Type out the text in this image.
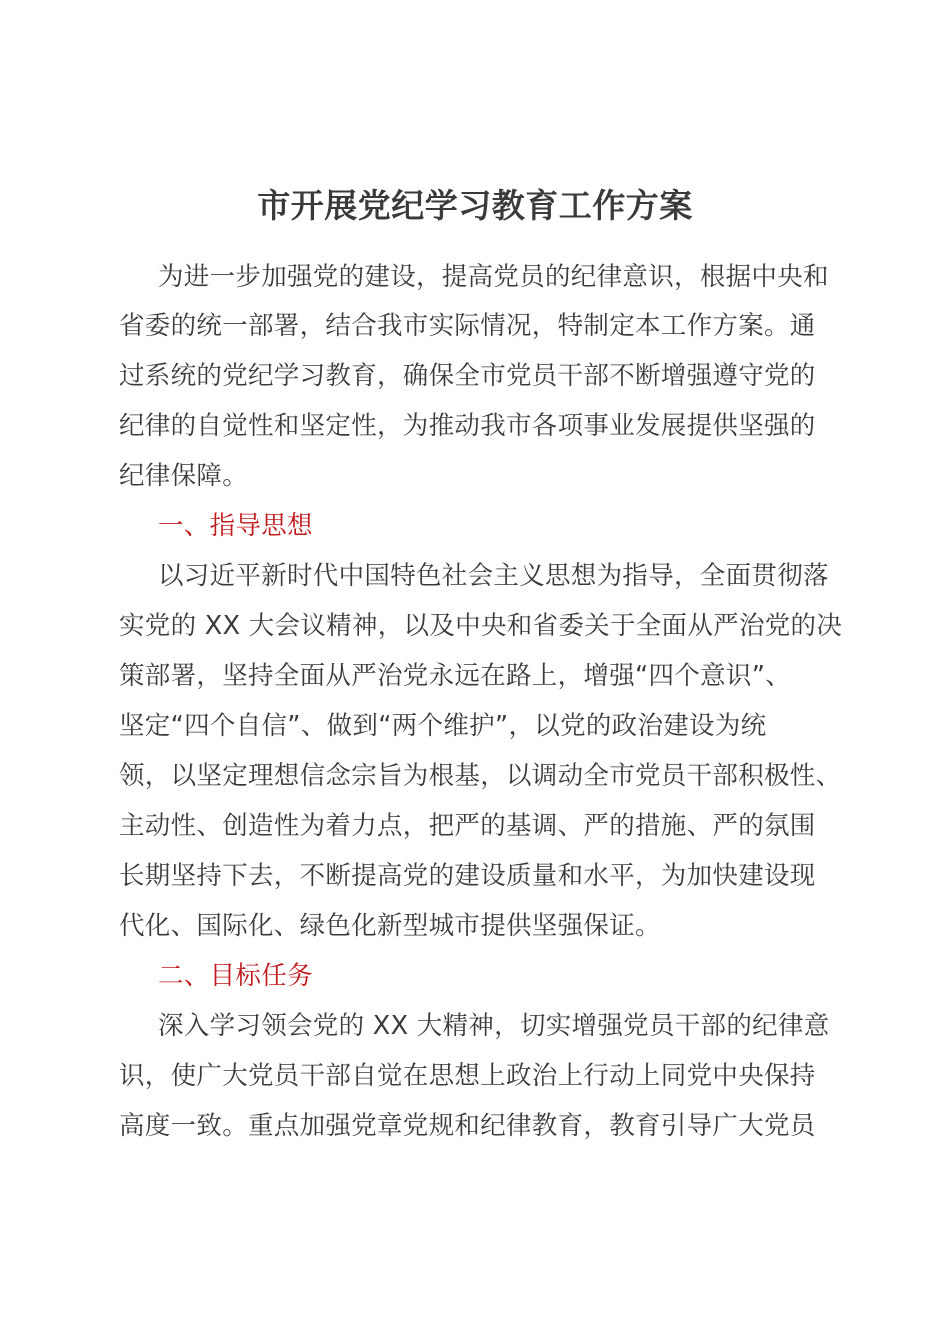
市开展党纪学习教育工作方案
为进一步加强党的建设，提高党员的纪律意识，根据中央和
省委的统一部署，结合我市实际情况，特制定本工作方案。通
过系统的党纪学习教育，确保全市党员干部不断增强遵守党的
纪律的自觉性和坚定性，为推动我市各项事业发展提供坚强的
纪律保障。
一、指导思想
以习近平新时代中国特色社会主义思想为指导，全面贯彻落
实党的 XX 大会议精神，以及中央和省委关于全面从严治党的决
策部署，坚持全面从严治党永远在路上，增强“四个意识”、
坚定“四个自信”、做到“两个维护”，以党的政治建设为统
领，以坚定理想信念宗旨为根基，以调动全市党员干部积极性、
主动性、创造性为着力点，把严的基调、严的措施、严的氛围
长期坚持下去，不断提高党的建设质量和水平，为加快建设现
代化、国际化、绿色化新型城市提供坚强保证。
二、目标任务
深入学习领会党的 XX 大精神，切实增强党员干部的纪律意
识，使广大党员干部自觉在思想上政治上行动上同党中央保持
高度一致。重点加强党章党规和纪律教育，教育引导广大党员
